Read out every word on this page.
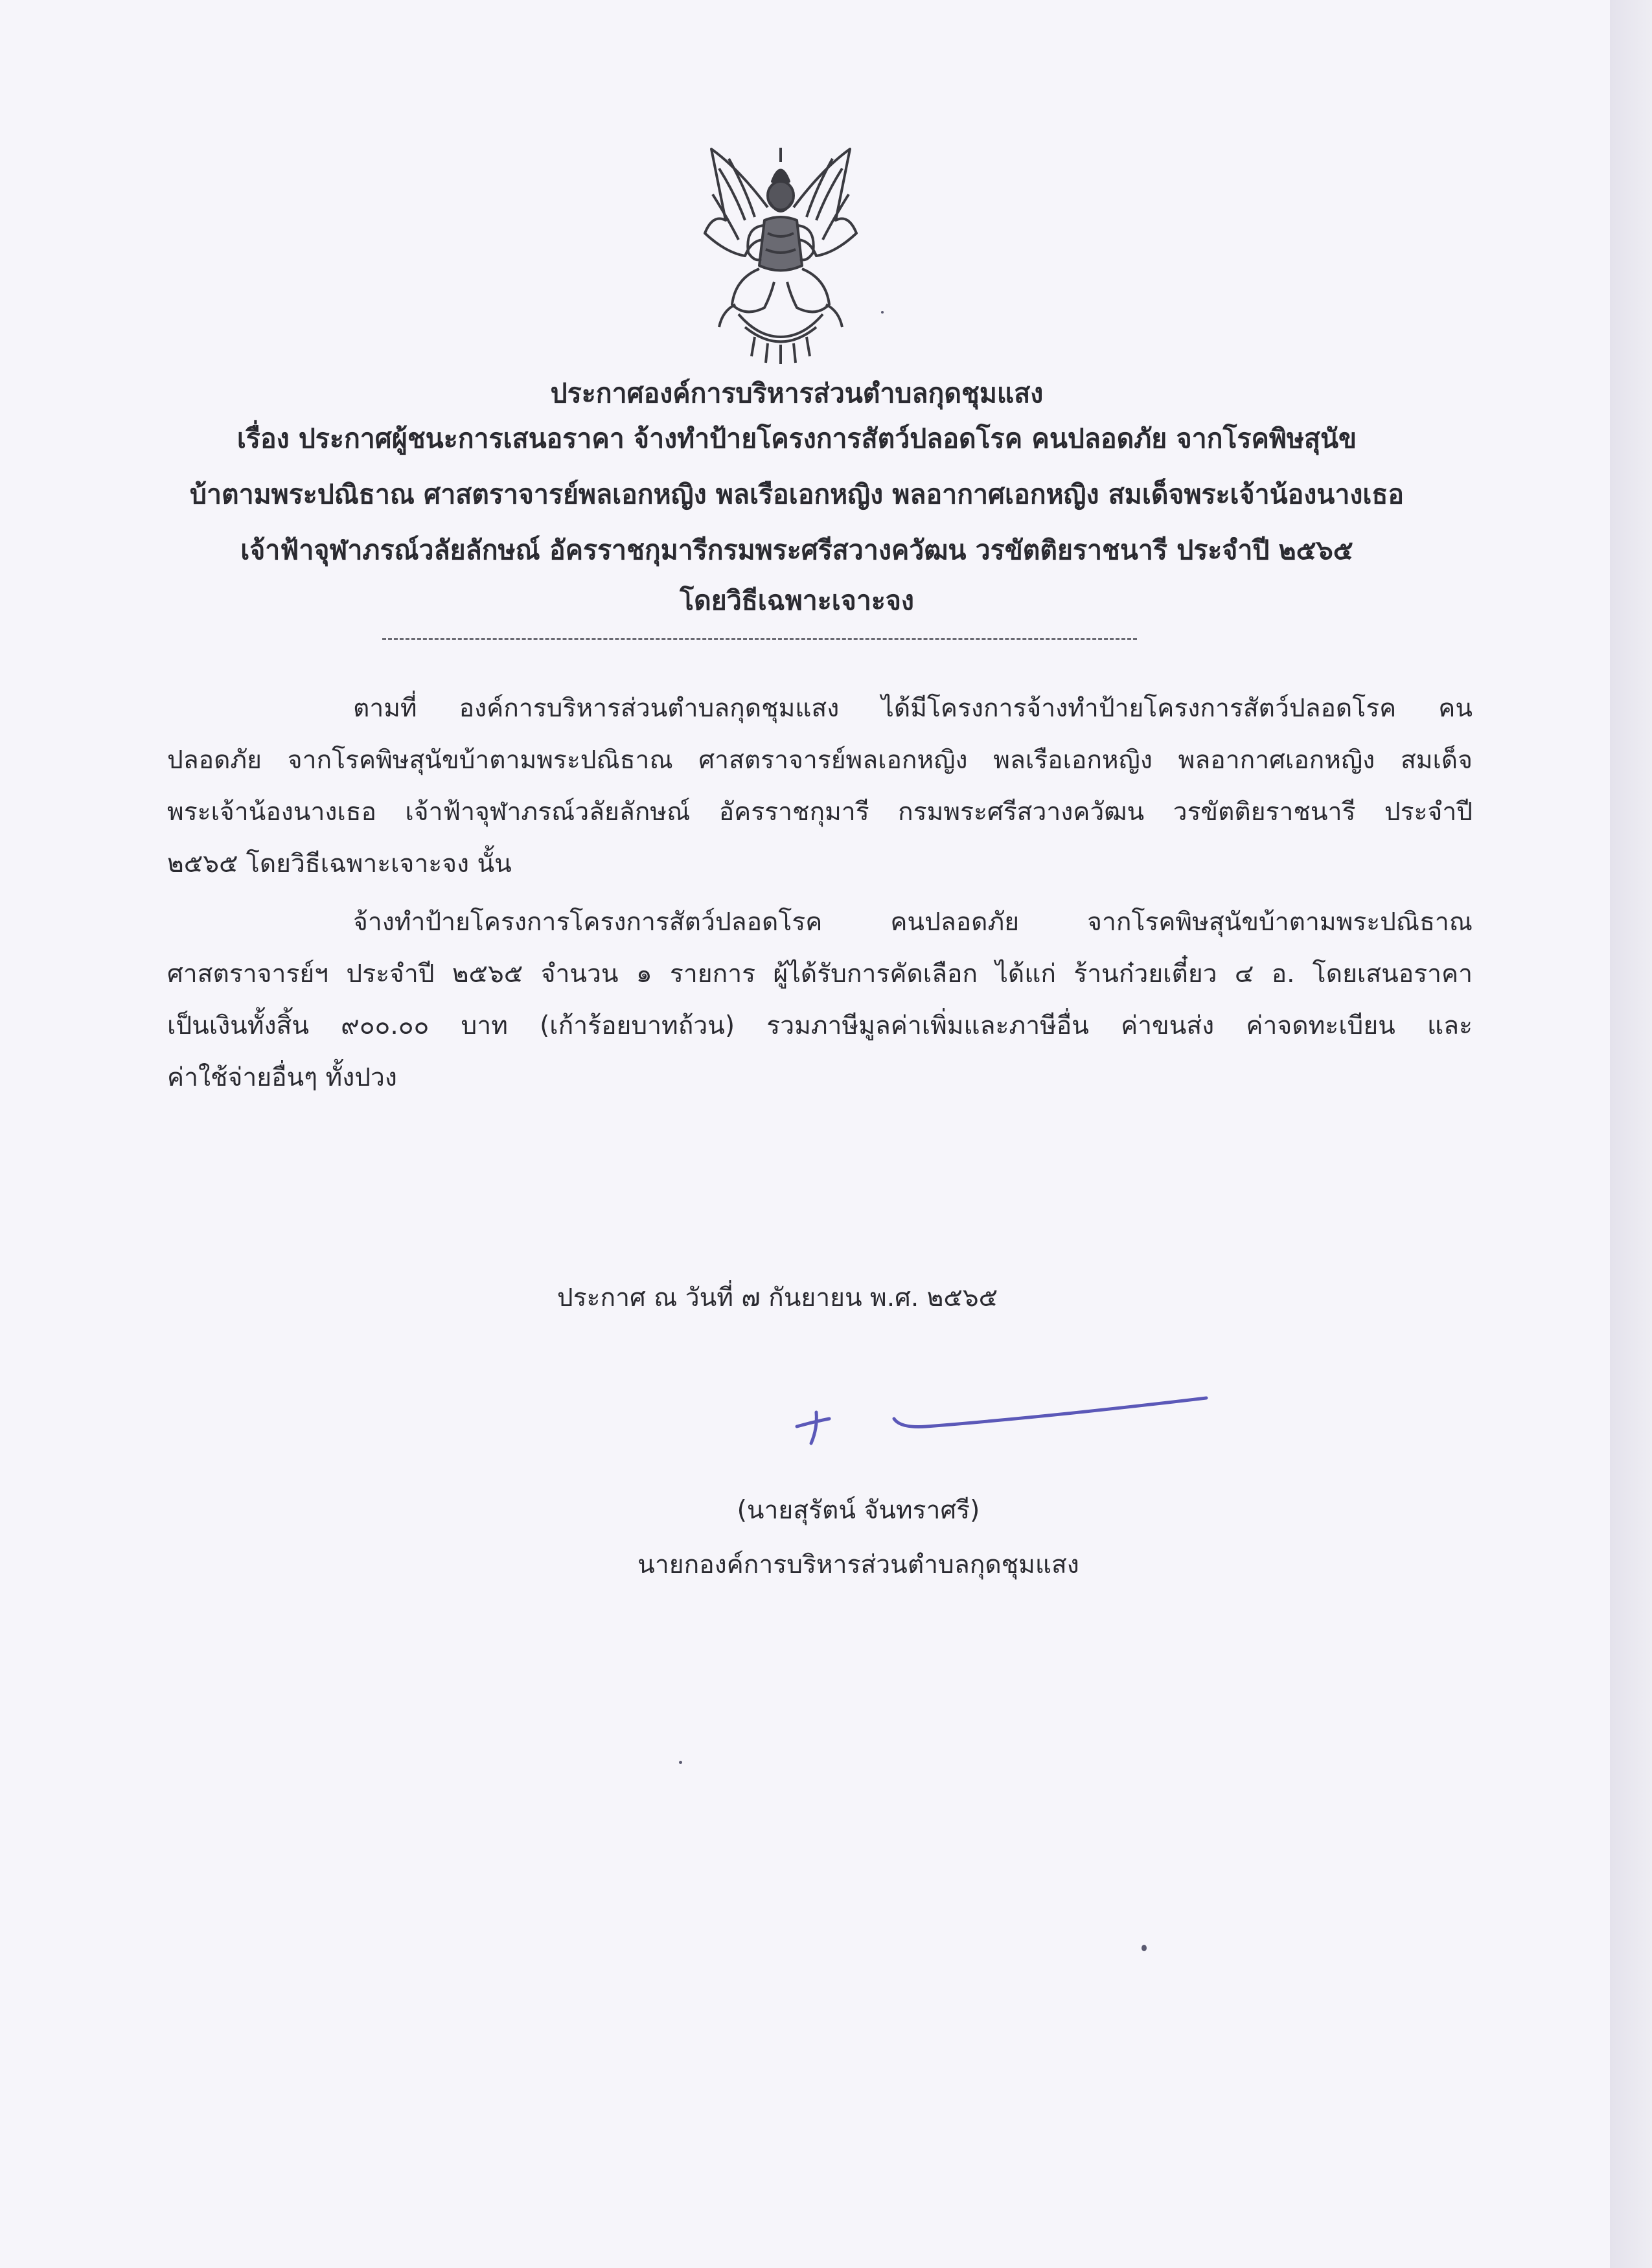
ประกาศองค์การบริหารส่วนตำบลกุดชุมแสง

เรื่อง ประกาศผู้ชนะการเสนอราคา จ้างทำป้ายโครงการสัตว์ปลอดโรค คนปลอดภัย จากโรคพิษสุนัข

บ้าตามพระปณิธาณ ศาสตราจารย์พลเอกหญิง พลเรือเอกหญิง พลอากาศเอกหญิง สมเด็จพระเจ้าน้องนางเธอ

เจ้าฟ้าจุฬาภรณ์วลัยลักษณ์ อัครราชกุมารีกรมพระศรีสวางควัฒน วรขัตติยราชนารี ประจำปี ๒๕๖๕

โดยวิธีเฉพาะเจาะจง

ตามที่ องค์การบริหารส่วนตำบลกุดชุมแสง ได้มีโครงการจ้างทำป้ายโครงการสัตว์ปลอดโรค คน
ปลอดภัย จากโรคพิษสุนัขบ้าตามพระปณิธาณ ศาสตราจารย์พลเอกหญิง พลเรือเอกหญิง พลอากาศเอกหญิง สมเด็จ
พระเจ้าน้องนางเธอ เจ้าฟ้าจุฬาภรณ์วลัยลักษณ์ อัครราชกุมารี กรมพระศรีสวางควัฒน วรขัตติยราชนารี ประจำปี
๒๕๖๕ โดยวิธีเฉพาะเจาะจง นั้น
จ้างทำป้ายโครงการโครงการสัตว์ปลอดโรค คนปลอดภัย จากโรคพิษสุนัขบ้าตามพระปณิธาณ
ศาสตราจารย์ฯ ประจำปี ๒๕๖๕ จำนวน ๑ รายการ ผู้ได้รับการคัดเลือก ได้แก่ ร้านก๋วยเตี๋ยว ๔ อ. โดยเสนอราคา
เป็นเงินทั้งสิ้น ๙๐๐.๐๐ บาท (เก้าร้อยบาทถ้วน) รวมภาษีมูลค่าเพิ่มและภาษีอื่น ค่าขนส่ง ค่าจดทะเบียน และ
ค่าใช้จ่ายอื่นๆ ทั้งปวง
ประกาศ ณ วันที่ ๗ กันยายน พ.ศ. ๒๕๖๕
(นายสุรัตน์ จันทราศรี)
นายกองค์การบริหารส่วนตำบลกุดชุมแสง
